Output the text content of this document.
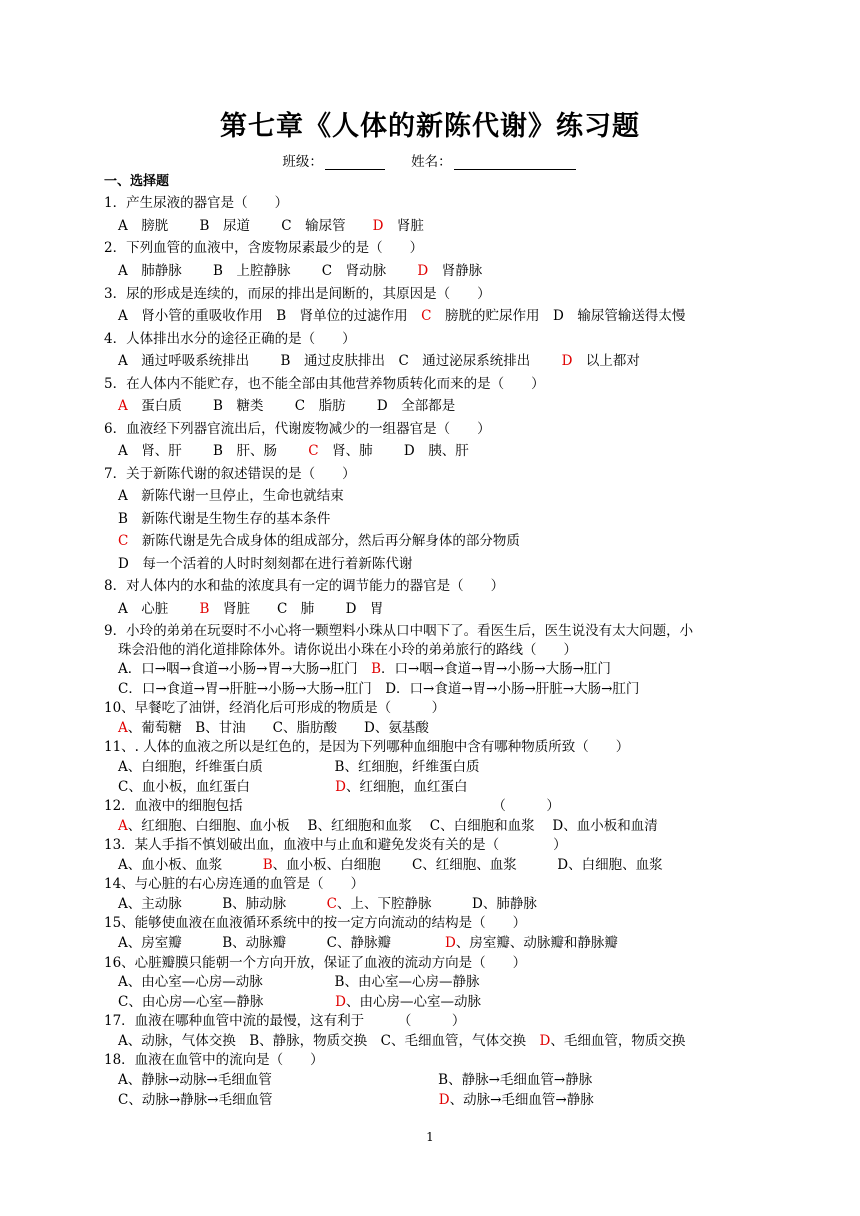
第七章《人体的新陈代谢》练习题
班级：	姓名：
一、选择题
1．产生尿液的器官是（　　）
A　膀胱　　 B　尿道　　 C　输尿管　　D　肾脏
2．下列血管的血液中，含废物尿素最少的是（　　）
A　肺静脉　　 B　上腔静脉　　 C　肾动脉　　 D　肾静脉
3．尿的形成是连续的，而尿的排出是间断的，其原因是（　　）
A　肾小管的重吸收作用　B　肾单位的过滤作用　C　膀胱的贮尿作用　D　输尿管输送得太慢
4．人体排出水分的途径正确的是（　　）
A　通过呼吸系统排出　　 B　通过皮肤排出　C　通过泌尿系统排出　　 D　以上都对
5．在人体内不能贮存，也不能全部由其他营养物质转化而来的是（　　）
A　蛋白质　　 B　糖类　　 C　脂肪　　 D　全部都是
6．血液经下列器官流出后，代谢废物减少的一组器官是（　　）
A　肾、肝　　 B　肝、肠　　 C　肾、肺　　 D　胰、肝
7．关于新陈代谢的叙述错误的是（　　）
A　新陈代谢一旦停止，生命也就结束
B　新陈代谢是生物生存的基本条件
C　新陈代谢是先合成身体的组成部分，然后再分解身体的部分物质
D　每一个活着的人时时刻刻都在进行着新陈代谢
8．对人体内的水和盐的浓度具有一定的调节能力的器官是（　　）
A　心脏　　 B　肾脏　　C　肺　　 D　胃
9．小玲的弟弟在玩耍时不小心将一颗塑料小珠从口中咽下了。看医生后，医生说没有太大问题，小
珠会沿他的消化道排除体外。请你说出小珠在小玲的弟弟旅行的路线（　　）
A．口→咽→食道→小肠→胃→大肠→肛门　B．口→咽→食道→胃→小肠→大肠→肛门
C．口→食道→胃→肝脏→小肠→大肠→肛门　D．口→食道→胃→小肠→肝脏→大肠→肛门
10、早餐吃了油饼，经消化后可形成的物质是（　　　）
A、葡萄糖　B、甘油　　C、脂肪酸　　D、氨基酸
11、. 人体的血液之所以是红色的，是因为下列哪种血细胞中含有哪种物质所致（　　）
A、白细胞，纤维蛋白质　　　　　 B、红细胞，纤维蛋白质
C、血小板，血红蛋白　　　　　　 D、红细胞，血红蛋白
12．血液中的细胞包括　　　　　　　　　　　　　　　　　　　（　　　）
A、红细胞、白细胞、血小板　 B、红细胞和血浆　 C、白细胞和血浆　 D、血小板和血清
13．某人手指不慎划破出血，血液中与止血和避免发炎有关的是（　　　　）
A、血小板、血浆　　　B、血小板、白细胞　　 C、红细胞、血浆　　　D、白细胞、血浆
14、与心脏的右心房连通的血管是（　　）
A、主动脉　　　B、肺动脉　　　C、上、下腔静脉　　　D、肺静脉
15、能够使血液在血液循环系统中的按一定方向流动的结构是（　　）
A、房室瓣　　　B、动脉瓣　　　C、静脉瓣　　　　D、房室瓣、动脉瓣和静脉瓣
16、心脏瓣膜只能朝一个方向开放，保证了血液的流动方向是（　　）
A、由心室—心房—动脉　　　　　 B、由心室—心房—静脉
C、由心房—心室—静脉　　　　　 D、由心房—心室—动脉
17．血液在哪种血管中流的最慢，这有利于　　　（　　　）
A、动脉，气体交换　B、静脉，物质交换　C、毛细血管，气体交换　D、毛细血管，物质交换
18．血液在血管中的流向是（　　）
A、静脉→动脉→毛细血管　　　　　　　　　　　　 B、静脉→毛细血管→静脉
C、动脉→静脉→毛细血管　　　　　　　　　　　　 D、动脉→毛细血管→静脉
1
